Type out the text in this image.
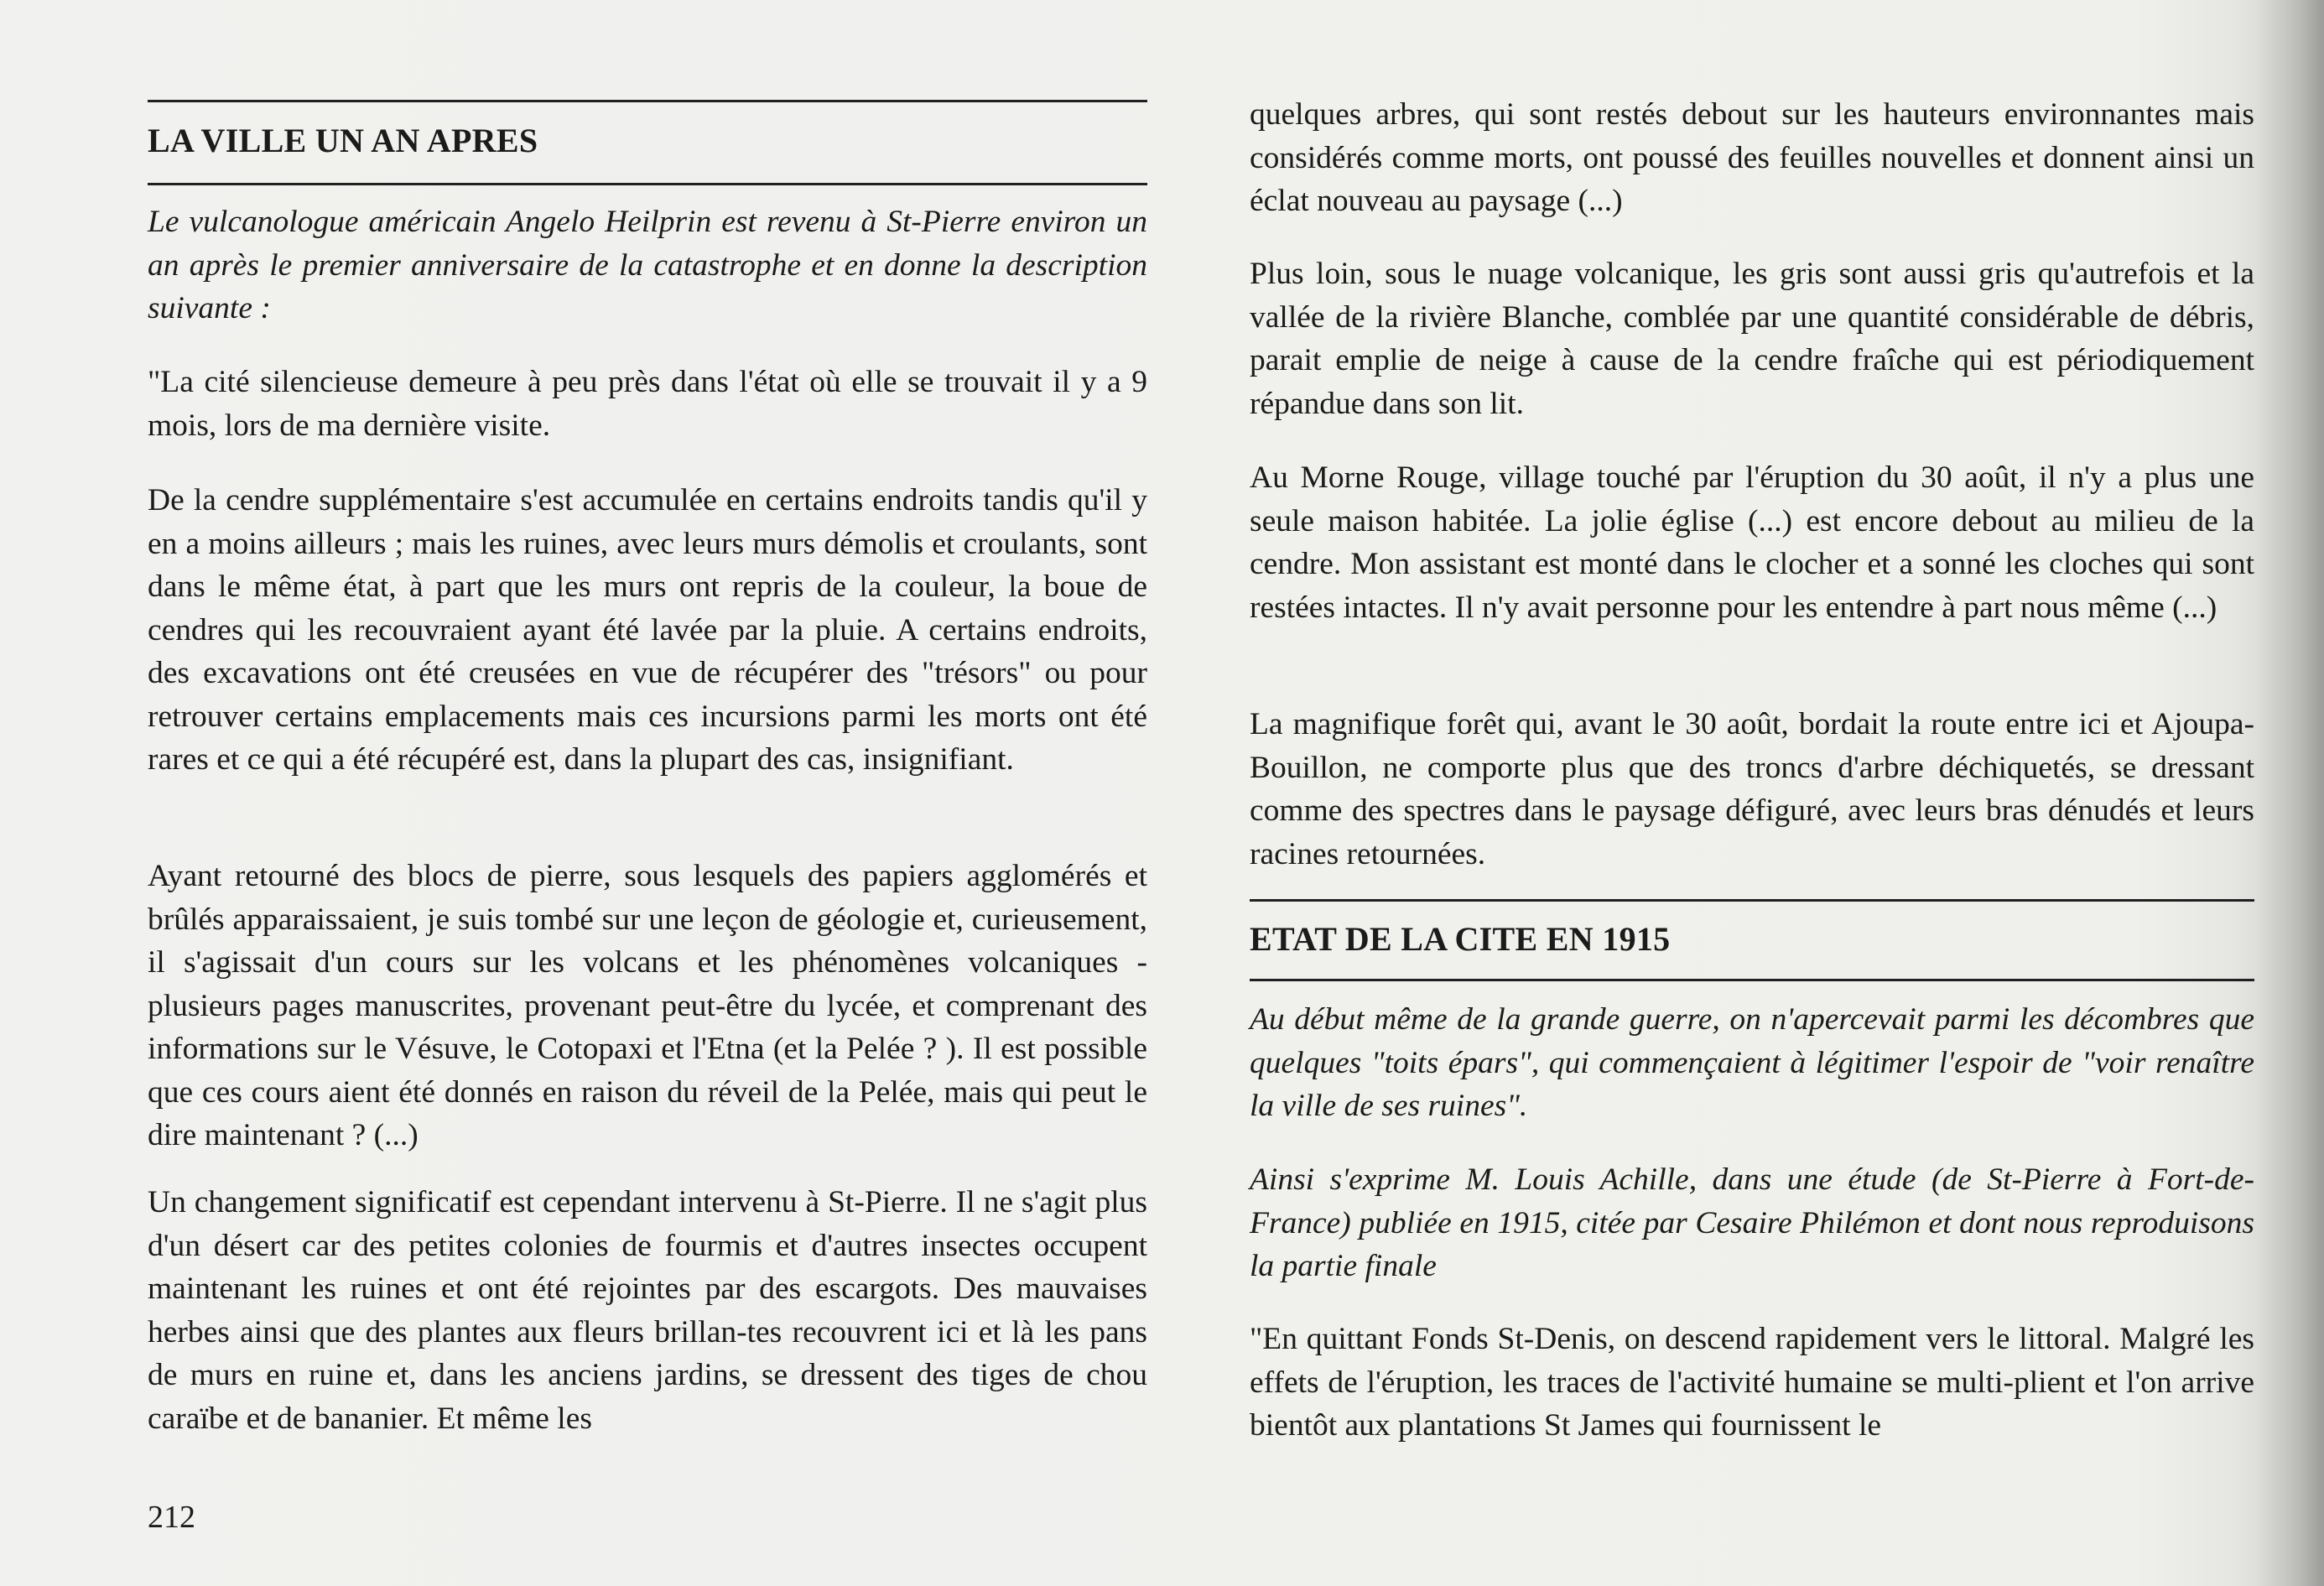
LA VILLE UN AN APRES

Le vulcanologue américain Angelo Heilprin est revenu à St-Pierre environ un an après le premier anniversaire de la catastrophe et en donne la description suivante :

"La cité silencieuse demeure à peu près dans l'état où elle se trouvait il y a 9 mois, lors de ma dernière visite.

De la cendre supplémentaire s'est accumulée en certains endroits tandis qu'il y en a moins ailleurs ; mais les ruines, avec leurs murs démolis et croulants, sont dans le même état, à part que les murs ont repris de la couleur, la boue de cendres qui les recouvraient ayant été lavée par la pluie. A certains endroits, des excavations ont été creusées en vue de récupérer des "trésors" ou pour retrouver certains emplacements mais ces incursions parmi les morts ont été rares et ce qui a été récupéré est, dans la plupart des cas, insignifiant.

Ayant retourné des blocs de pierre, sous lesquels des papiers agglomérés et brûlés apparaissaient, je suis tombé sur une leçon de géologie et, curieusement, il s'agissait d'un cours sur les volcans et les phénomènes volcaniques - plusieurs pages manuscrites, provenant peut-être du lycée, et comprenant des informations sur le Vésuve, le Cotopaxi et l'Etna (et la Pelée ? ). Il est possible que ces cours aient été donnés en raison du réveil de la Pelée, mais qui peut le dire maintenant ? (...)

Un changement significatif est cependant intervenu à St-Pierre. Il ne s'agit plus d'un désert car des petites colonies de fourmis et d'autres insectes occupent maintenant les ruines et ont été rejointes par des escargots. Des mauvaises herbes ainsi que des plantes aux fleurs brillan-tes recouvrent ici et là les pans de murs en ruine et, dans les anciens jardins, se dressent des tiges de chou caraïbe et de bananier. Et même les

212

quelques arbres, qui sont restés debout sur les hauteurs environnantes mais considérés comme morts, ont poussé des feuilles nouvelles et donnent ainsi un éclat nouveau au paysage (...)

Plus loin, sous le nuage volcanique, les gris sont aussi gris qu'autrefois et la vallée de la rivière Blanche, comblée par une quantité considérable de débris, parait emplie de neige à cause de la cendre fraîche qui est périodiquement répandue dans son lit.

Au Morne Rouge, village touché par l'éruption du 30 août, il n'y a plus une seule maison habitée. La jolie église (...) est encore debout au milieu de la cendre. Mon assistant est monté dans le clocher et a sonné les cloches qui sont restées intactes. Il n'y avait personne pour les entendre à part nous même (...)

La magnifique forêt qui, avant le 30 août, bordait la route entre ici et Ajoupa-Bouillon, ne comporte plus que des troncs d'arbre déchiquetés, se dressant comme des spectres dans le paysage défiguré, avec leurs bras dénudés et leurs racines retournées.

ETAT DE LA CITE EN 1915

Au début même de la grande guerre, on n'apercevait parmi les décombres que quelques "toits épars", qui commençaient à légitimer l'espoir de "voir renaître la ville de ses ruines".

Ainsi s'exprime M. Louis Achille, dans une étude (de St-Pierre à Fort-de-France) publiée en 1915, citée par Cesaire Philémon et dont nous reproduisons la partie finale

"En quittant Fonds St-Denis, on descend rapidement vers le littoral. Malgré les effets de l'éruption, les traces de l'activité humaine se multi-plient et l'on arrive bientôt aux plantations St James qui fournissent le
